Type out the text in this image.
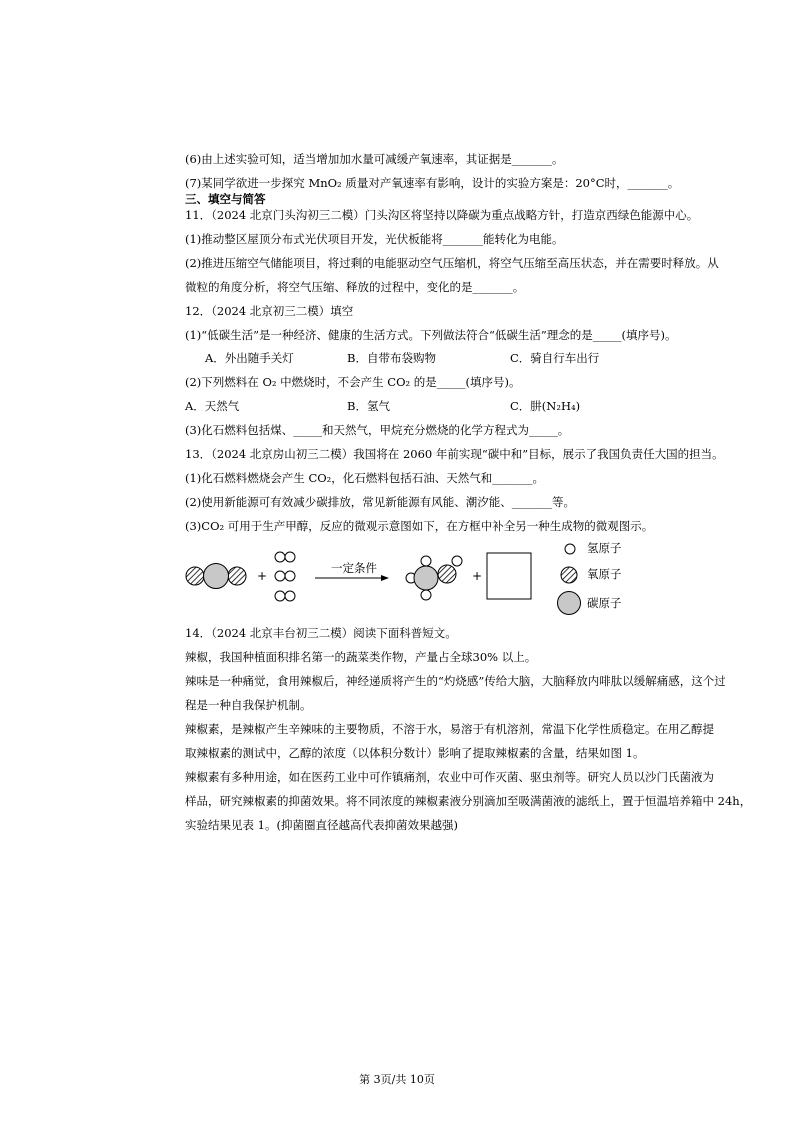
(6)由上述实验可知，适当增加加水量可减缓产氧速率，其证据是_______。
(7)某同学欲进一步探究 MnO₂ 质量对产氧速率有影响，设计的实验方案是：20°C时，_______。
三、填空与简答
11．（2024 北京门头沟初三二模）门头沟区将坚持以降碳为重点战略方针，打造京西绿色能源中心。
(1)推动整区屋顶分布式光伏项目开发，光伏板能将_______能转化为电能。
(2)推进压缩空气储能项目，将过剩的电能驱动空气压缩机，将空气压缩至高压状态，并在需要时释放。从
微粒的角度分析，将空气压缩、释放的过程中，变化的是_______。
12．（2024 北京初三二模）填空
(1)“低碳生活”是一种经济、健康的生活方式。下列做法符合“低碳生活”理念的是_____(填序号)。
A．外出随手关灯	B．自带布袋购物	C．骑自行车出行
(2)下列燃料在 O₂ 中燃烧时，不会产生 CO₂ 的是_____(填序号)。
A．天然气	B．氢气	C．肼(N₂H₄)
(3)化石燃料包括煤、_____和天然气，甲烷充分燃烧的化学方程式为_____。
13．（2024 北京房山初三二模）我国将在 2060 年前实现“碳中和”目标，展示了我国负责任大国的担当。
(1)化石燃料燃烧会产生 CO₂，化石燃料包括石油、天然气和_______。
(2)使用新能源可有效减少碳排放，常见新能源有风能、潮汐能、_______等。
(3)CO₂ 可用于生产甲醇，反应的微观示意图如下，在方框中补全另一种生成物的微观图示。
+
一定条件
+
氢原子
氧原子
碳原子
14．（2024 北京丰台初三二模）阅读下面科普短文。
辣椒，我国种植面积排名第一的蔬菜类作物，产量占全球30% 以上。
辣味是一种痛觉，食用辣椒后，神经递质将产生的“灼烧感”传给大脑，大脑释放内啡肽以缓解痛感，这个过
程是一种自我保护机制。
辣椒素，是辣椒产生辛辣味的主要物质，不溶于水，易溶于有机溶剂，常温下化学性质稳定。在用乙醇提
取辣椒素的测试中，乙醇的浓度（以体积分数计）影响了提取辣椒素的含量，结果如图 1。
辣椒素有多种用途，如在医药工业中可作镇痛剂，农业中可作灭菌、驱虫剂等。研究人员以沙门氏菌液为
样品，研究辣椒素的抑菌效果。将不同浓度的辣椒素液分别滴加至吸满菌液的滤纸上，置于恒温培养箱中 24h，
实验结果见表 1。(抑菌圈直径越高代表抑菌效果越强)
第 3页/共 10页
